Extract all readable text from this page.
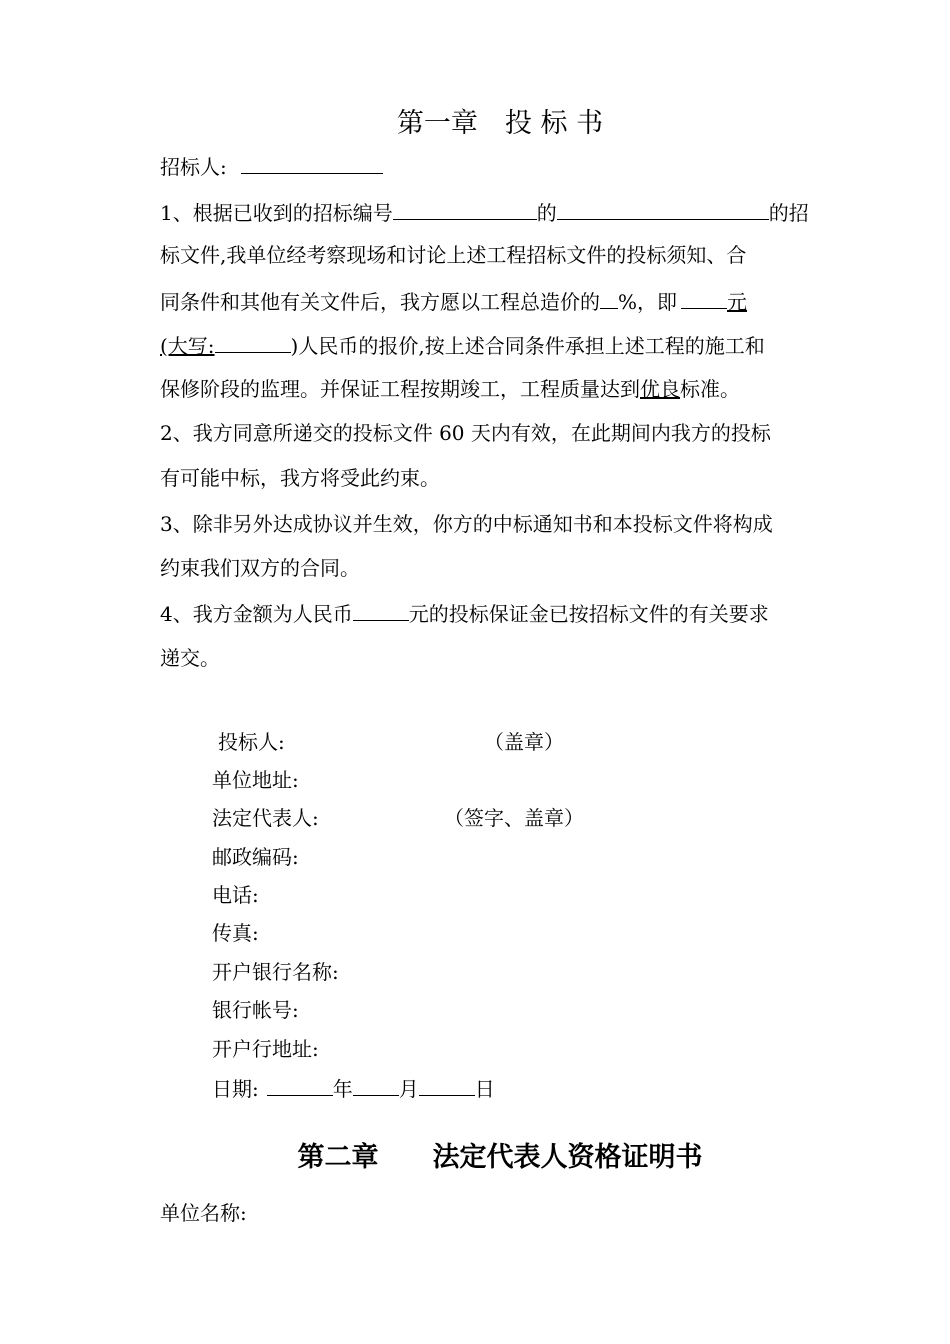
第一章　投 标 书
招标人:
1、根据已收到的招标编号	的	的招
标文件,我单位经考察现场和讨论上述工程招标文件的投标须知、合
同条件和其他有关文件后，我方愿以工程总造价的 %，即	元
(大写:	)人民币的报价,按上述合同条件承担上述工程的施工和
保修阶段的监理。并保证工程按期竣工，工程质量达到优良标准。
2、我方同意所递交的投标文件 60 天内有效，在此期间内我方的投标
有可能中标，我方将受此约束。
3、除非另外达成协议并生效，你方的中标通知书和本投标文件将构成
约束我们双方的合同。
4、我方金额为人民币	元的投标保证金已按招标文件的有关要求
递交。
投标人:	（盖章）
单位地址:
法定代表人:	（签字、盖章）
邮政编码:
电话:
传真:
开户银行名称:
银行帐号:
开户行地址:
日期:	年 月	日
第二章　　法定代表人资格证明书
单位名称:
